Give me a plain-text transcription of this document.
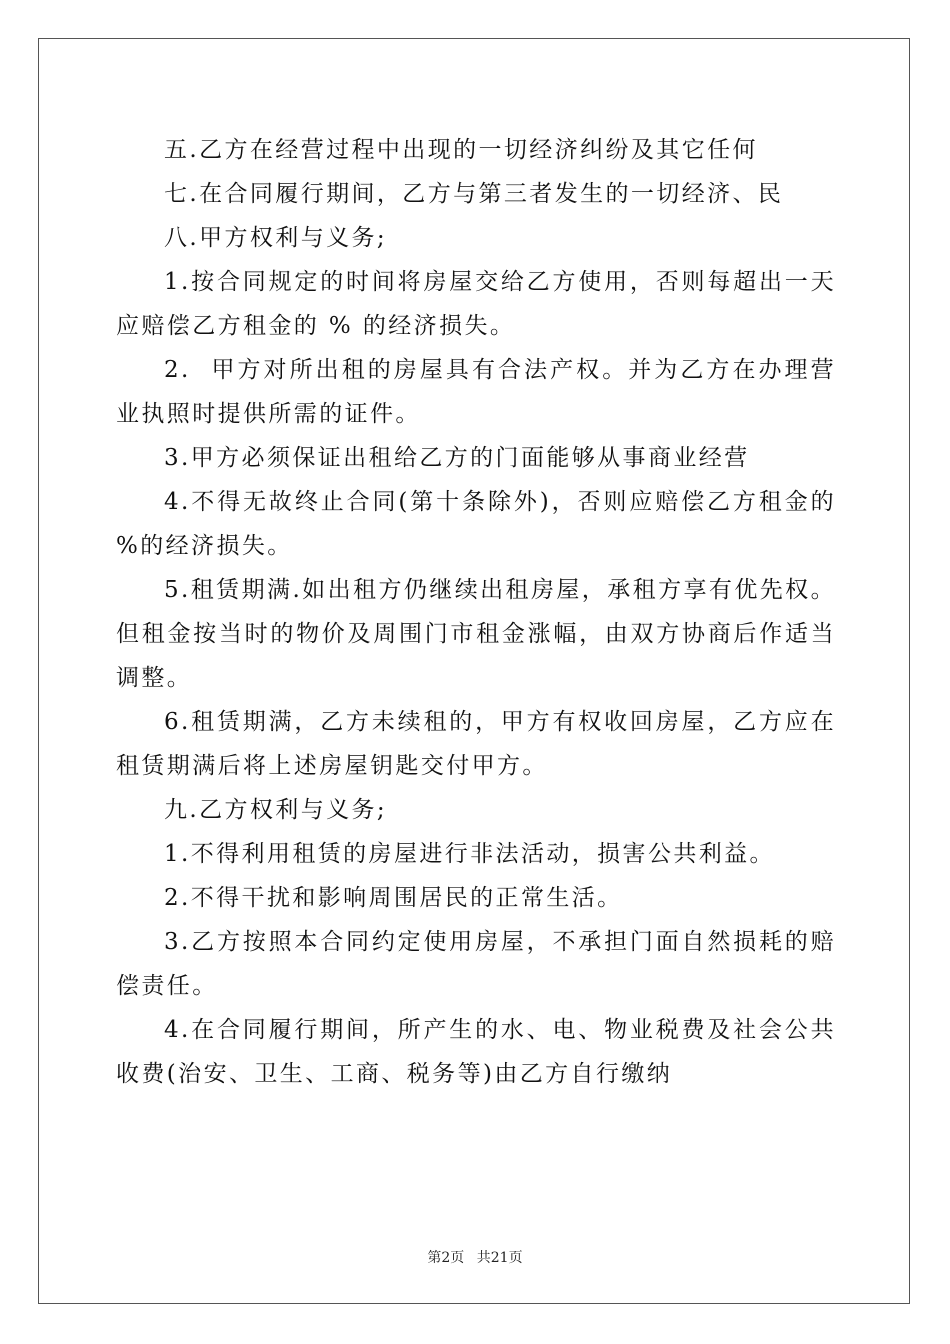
五.乙方在经营过程中出现的一切经济纠纷及其它任何

七.在合同履行期间，乙方与第三者发生的一切经济、民

八.甲方权利与义务;

1.按合同规定的时间将房屋交给乙方使用，否则每超出一天应赔偿乙方租金的 % 的经济损失。

2.  甲方对所出租的房屋具有合法产权。并为乙方在办理营业执照时提供所需的证件。

3.甲方必须保证出租给乙方的门面能够从事商业经营

4.不得无故终止合同(第十条除外)，否则应赔偿乙方租金的 %的经济损失。

5.租赁期满.如出租方仍继续出租房屋，承租方享有优先权。但租金按当时的物价及周围门市租金涨幅，由双方协商后作适当调整。

6.租赁期满，乙方未续租的，甲方有权收回房屋，乙方应在租赁期满后将上述房屋钥匙交付甲方。

九.乙方权利与义务;

1.不得利用租赁的房屋进行非法活动，损害公共利益。

2.不得干扰和影响周围居民的正常生活。

3.乙方按照本合同约定使用房屋，不承担门面自然损耗的赔偿责任。

4.在合同履行期间，所产生的水、电、物业税费及社会公共收费(治安、卫生、工商、税务等)由乙方自行缴纳

第2页 共21页
